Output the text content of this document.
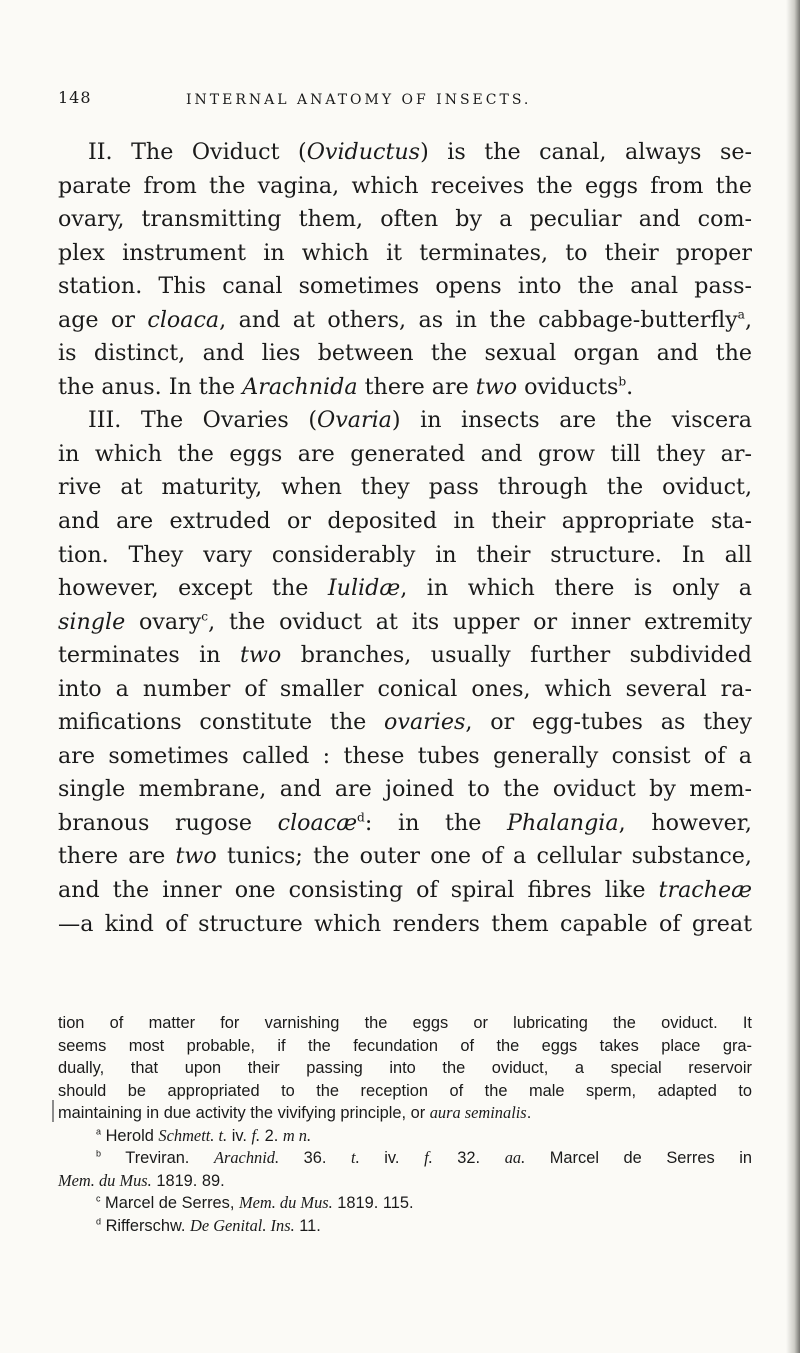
148	INTERNAL ANATOMY OF INSECTS.
II. The Oviduct (Oviductus) is the canal, always se-
parate from the vagina, which receives the eggs from the
ovary, transmitting them, often by a peculiar and com-
plex instrument in which it terminates, to their proper
station. This canal sometimes opens into the anal pass-
age or cloaca, and at others, as in the cabbage-butterfly$^a$,
is distinct, and lies between the sexual organ and the
the anus. In the Arachnida there are two oviducts$^b$.
III. The Ovaries (Ovaria) in insects are the viscera
in which the eggs are generated and grow till they ar-
rive at maturity, when they pass through the oviduct,
and are extruded or deposited in their appropriate sta-
tion. They vary considerably in their structure. In all
however, except the Iulidæ, in which there is only a
single ovary$^c$, the oviduct at its upper or inner extremity
terminates in two branches, usually further subdivided
into a number of smaller conical ones, which several ra-
mifications constitute the ovaries, or egg-tubes as they
are sometimes called : these tubes generally consist of a
single membrane, and are joined to the oviduct by mem-
branous rugose cloacæ$^d$: in the Phalangia, however,
there are two tunics; the outer one of a cellular substance,
and the inner one consisting of spiral fibres like tracheæ
—a kind of structure which renders them capable of great
tion of matter for varnishing the eggs or lubricating the oviduct. It
seems most probable, if the fecundation of the eggs takes place gra-
dually, that upon their passing into the oviduct, a special reservoir
should be appropriated to the reception of the male sperm, adapted to
maintaining in due activity the vivifying principle, or aura seminalis.
$^a$ Herold Schmett. t. iv. f. 2. m n.
$^b$ Treviran. Arachnid. 36. t. iv. f. 32. aa. Marcel de Serres in
Mem. du Mus. 1819. 89.
$^c$ Marcel de Serres, Mem. du Mus. 1819. 115.
$^d$ Rifferschw. De Genital. Ins. 11.
